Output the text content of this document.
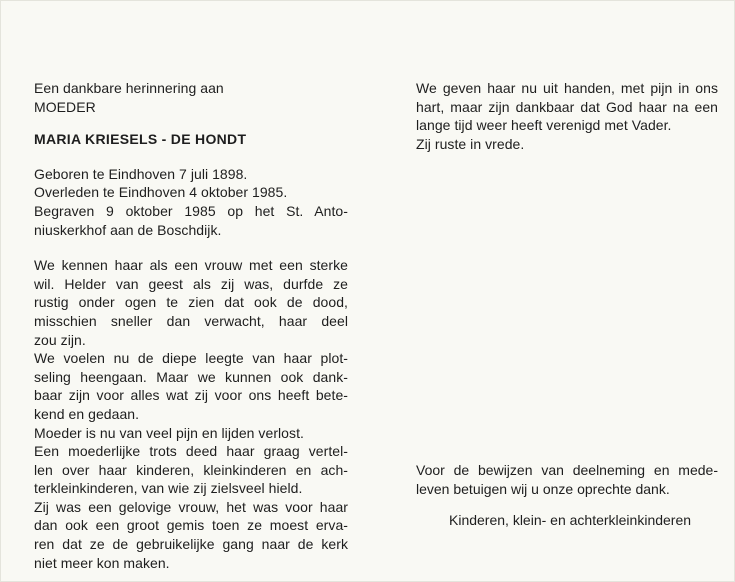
Een dankbare herinnering aan
MOEDER
MARIA KRIESELS - DE HONDT
Geboren te Eindhoven 7 juli 1898.
Overleden te Eindhoven 4 oktober 1985.
Begraven 9 oktober 1985 op het St. Anto-
niuskerkhof aan de Boschdijk.
We kennen haar als een vrouw met een sterke
wil. Helder van geest als zij was, durfde ze
rustig onder ogen te zien dat ook de dood,
misschien sneller dan verwacht, haar deel
zou zijn.
We voelen nu de diepe leegte van haar plot-
seling heengaan. Maar we kunnen ook dank-
baar zijn voor alles wat zij voor ons heeft bete-
kend en gedaan.
Moeder is nu van veel pijn en lijden verlost.
Een moederlijke trots deed haar graag vertel-
len over haar kinderen, kleinkinderen en ach-
terkleinkinderen, van wie zij zielsveel hield.
Zij was een gelovige vrouw, het was voor haar
dan ook een groot gemis toen ze moest erva-
ren dat ze de gebruikelijke gang naar de kerk
niet meer kon maken.
We geven haar nu uit handen, met pijn in ons
hart, maar zijn dankbaar dat God haar na een
lange tijd weer heeft verenigd met Vader.
Zij ruste in vrede.
Voor de bewijzen van deelneming en mede-
leven betuigen wij u onze oprechte dank.
Kinderen, klein- en achterkleinkinderen
